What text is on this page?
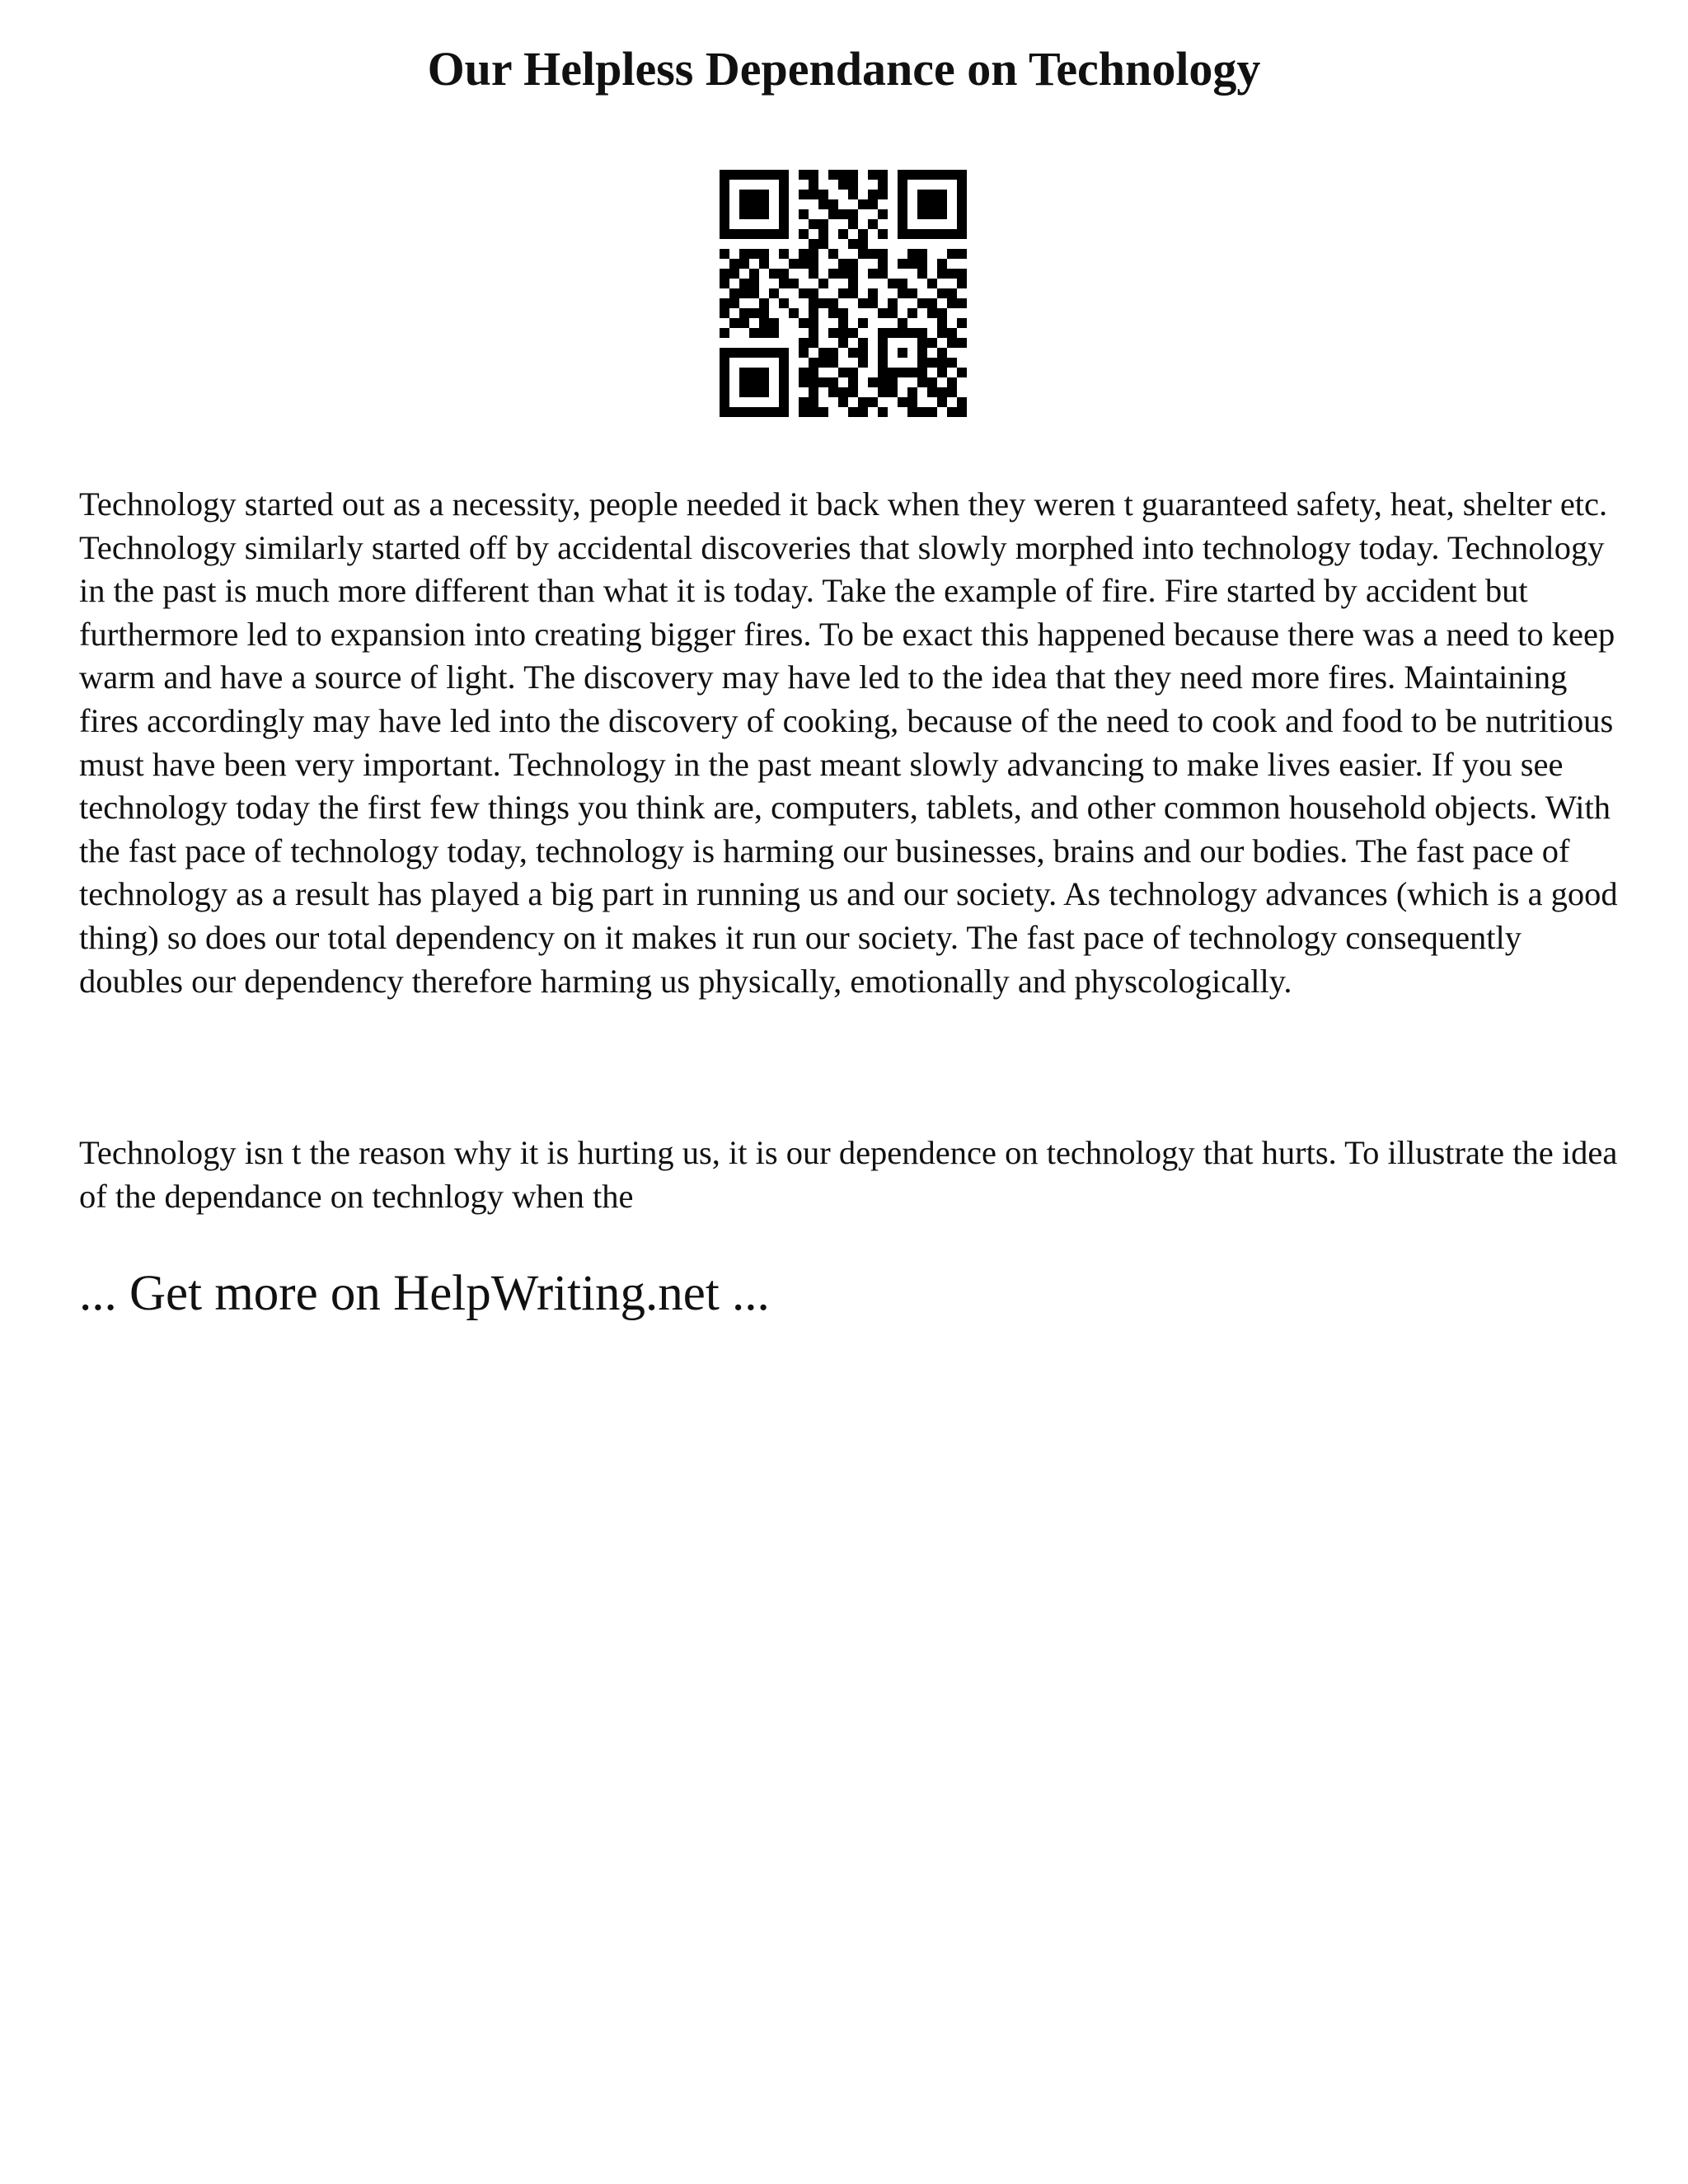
Our Helpless Dependance on Technology

Technology started out as a necessity, people needed it back when they weren t guaranteed safety, heat, shelter etc. Technology similarly started off by accidental discoveries that slowly morphed into technology today. Technology in the past is much more different than what it is today. Take the example of fire. Fire started by accident but furthermore led to expansion into creating bigger fires. To be exact this happened because there was a need to keep warm and have a source of light. The discovery may have led to the idea that they need more fires. Maintaining fires accordingly may have led into the discovery of cooking, because of the need to cook and food to be nutritious must have been very important. Technology in the past meant slowly advancing to make lives easier. If you see technology today the first few things you think are, computers, tablets, and other common household objects. With the fast pace of technology today, technology is harming our businesses, brains and our bodies. The fast pace of technology as a result has played a big part in running us and our society. As technology advances (which is a good thing) so does our total dependency on it makes it run our society. The fast pace of technology consequently doubles our dependency therefore harming us physically, emotionally and physcologically.

Technology isn t the reason why it is hurting us, it is our dependence on technology that hurts. To illustrate the idea of the dependance on technlogy when the

... Get more on HelpWriting.net ...
